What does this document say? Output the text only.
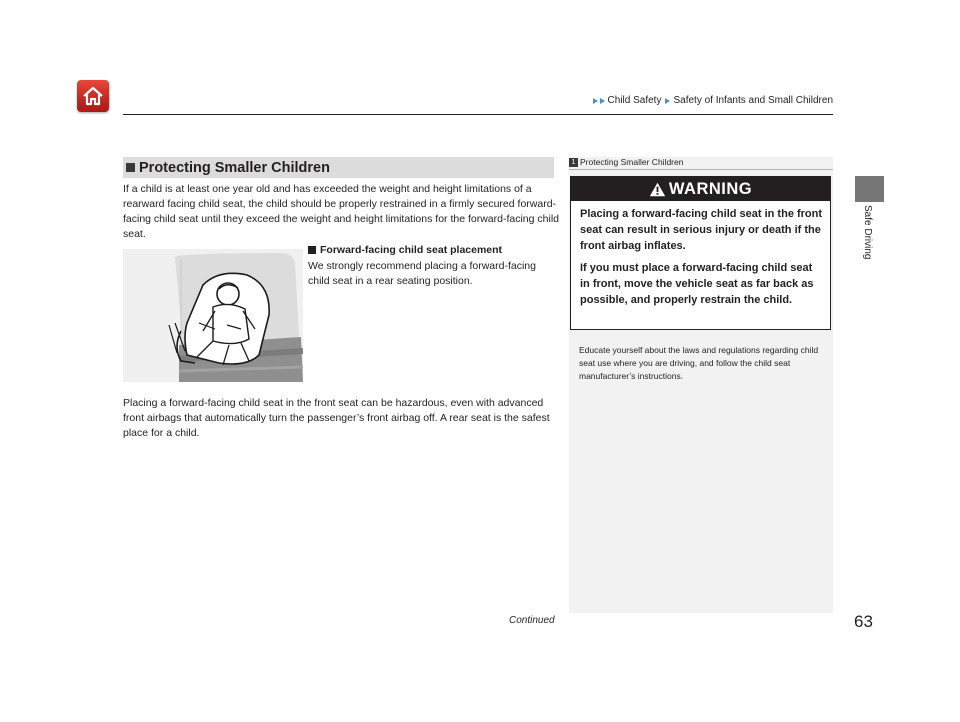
Child Safety Safety of Infants and Small Children
Safe Driving
Protecting Smaller Children

If a child is at least one year old and has exceeded the weight and height limitations of a rearward facing child seat, the child should be properly restrained in a firmly secured forward-facing child seat until they exceed the weight and height limitations for the forward-facing child seat.

Forward-facing child seat placement

We strongly recommend placing a forward-facing child seat in a rear seating position.

Placing a forward-facing child seat in the front seat can be hazardous, even with advanced front airbags that automatically turn the passenger’s front airbag off. A rear seat is the safest place for a child.

1 Protecting Smaller Children
WARNING

Placing a forward-facing child seat in the front seat can result in serious injury or death if the front airbag inflates.

If you must place a forward-facing child seat in front, move the vehicle seat as far back as possible, and properly restrain the child.

Educate yourself about the laws and regulations regarding child seat use where you are driving, and follow the child seat manufacturer’s instructions.

Continued	63
